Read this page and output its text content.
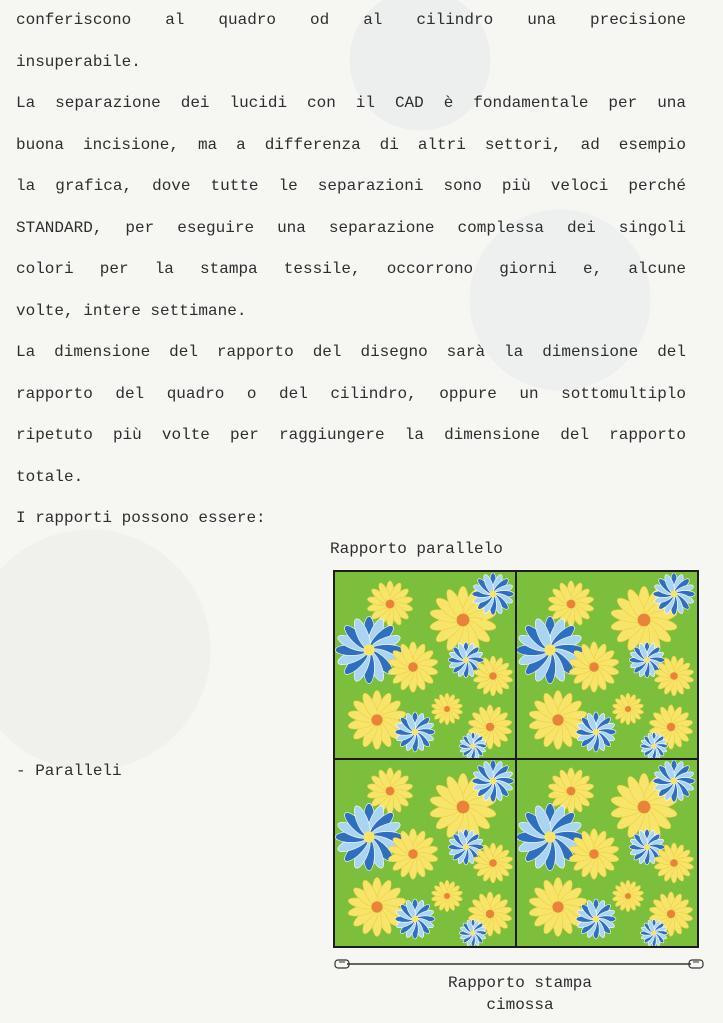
conferiscono al quadro od al cilindro una precisione
insuperabile.
La separazione dei lucidi con il CAD è fondamentale per una
buona incisione, ma a differenza di altri settori, ad esempio
la grafica, dove tutte le separazioni sono più veloci perché
STANDARD, per eseguire una separazione complessa dei singoli
colori per la stampa tessile, occorrono giorni e, alcune
volte, intere settimane.
La dimensione del rapporto del disegno sarà la dimensione del
rapporto del quadro o del cilindro, oppure un sottomultiplo
ripetuto più volte per raggiungere la dimensione del rapporto
totale.
I rapporti possono essere:
Rapporto parallelo
- Paralleli
Rapporto stampa
cimossa
